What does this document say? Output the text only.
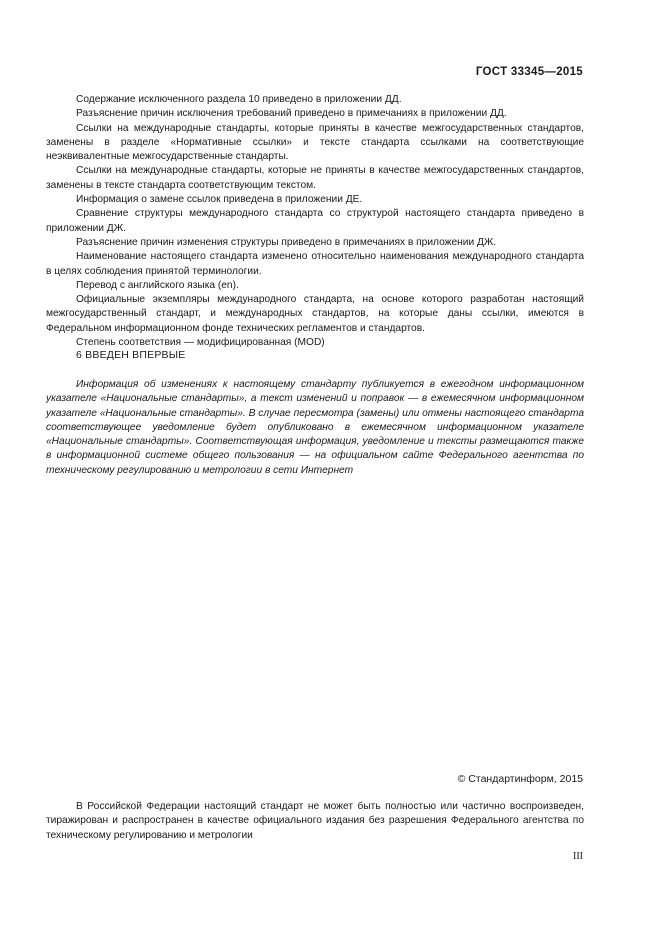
ГОСТ 33345—2015

Содержание исключенного раздела 10 приведено в приложении ДД.

Разъяснение причин исключения требований приведено в примечаниях в приложении ДД.

Ссылки на международные стандарты, которые приняты в качестве межгосударственных стандартов, заменены в разделе «Нормативные ссылки» и тексте стандарта ссылками на соответствующие неэквивалентные межгосударственные стандарты.

Ссылки на международные стандарты, которые не приняты в качестве межгосударственных стандартов, заменены в тексте стандарта соответствующим текстом.

Информация о замене ссылок приведена в приложении ДЕ.

Сравнение структуры международного стандарта со структурой настоящего стандарта приведено в приложении ДЖ.

Разъяснение причин изменения структуры приведено в примечаниях в приложении ДЖ.

Наименование настоящего стандарта изменено относительно наименования международного стандарта в целях соблюдения принятой терминологии.

Перевод с английского языка (en).

Официальные экземпляры международного стандарта, на основе которого разработан настоящий межгосударственный стандарт, и международных стандартов, на которые даны ссылки, имеются в Федеральном информационном фонде технических регламентов и стандартов.

Степень соответствия — модифицированная (MOD)

6 ВВЕДЕН ВПЕРВЫЕ

Информация об изменениях к настоящему стандарту публикуется в ежегодном информационном указателе «Национальные стандарты», а текст изменений и поправок — в ежемесячном информационном указателе «Национальные стандарты». В случае пересмотра (замены) или отмены настоящего стандарта соответствующее уведомление будет опубликовано в ежемесячном информационном указателе «Национальные стандарты». Соответствующая информация, уведомление и тексты размещаются также в информационной системе общего пользования — на официальном сайте Федерального агентства по техническому регулированию и метрологии в сети Интернет

© Стандартинформ, 2015

В Российской Федерации настоящий стандарт не может быть полностью или частично воспроизведен, тиражирован и распространен в качестве официального издания без разрешения Федерального агентства по техническому регулированию и метрологии

III
